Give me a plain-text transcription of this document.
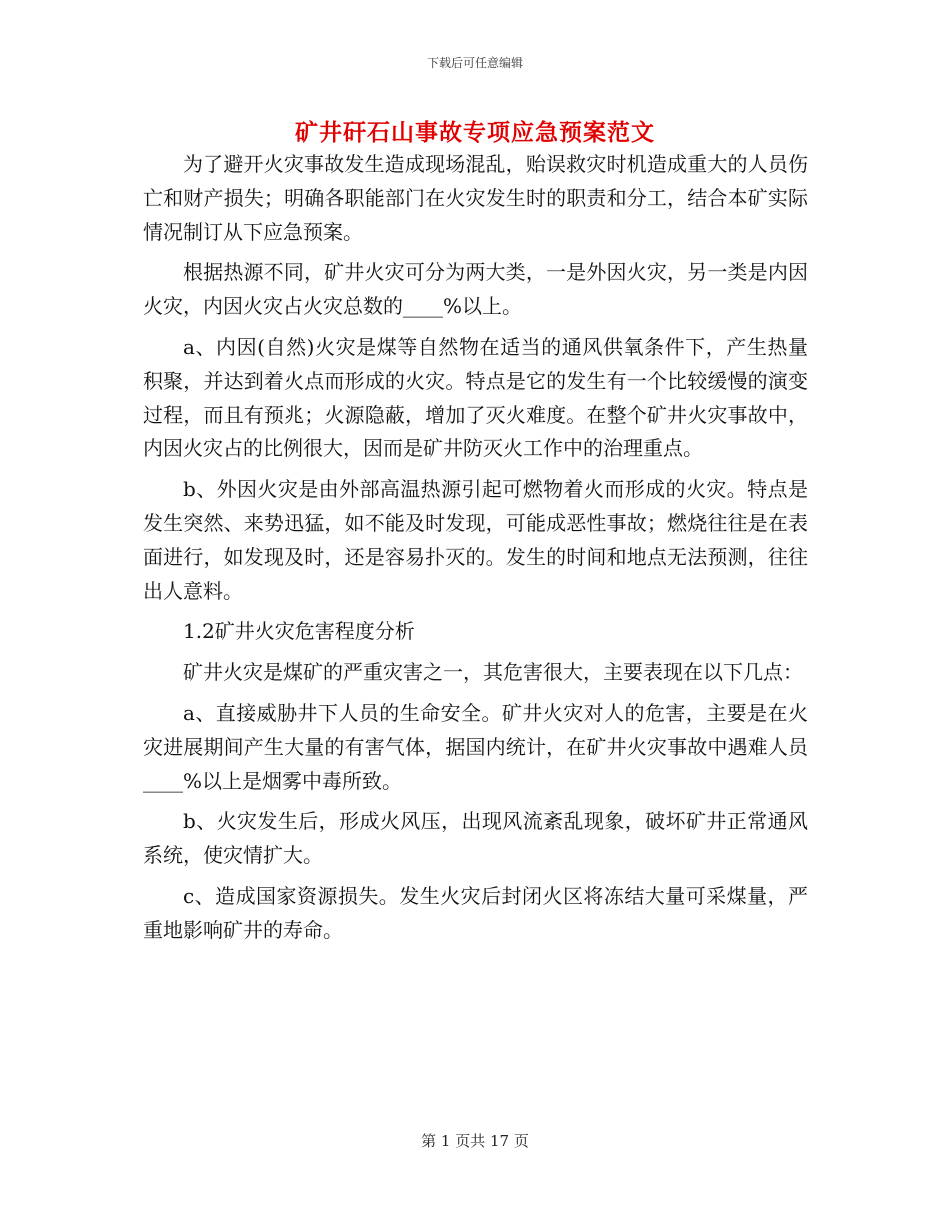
下载后可任意编辑
矿井矸石山事故专项应急预案范文

为了避开火灾事故发生造成现场混乱，贻误救灾时机造成重大的人员伤亡和财产损失；明确各职能部门在火灾发生时的职责和分工，结合本矿实际情况制订从下应急预案。

根据热源不同，矿井火灾可分为两大类，一是外因火灾，另一类是内因火灾，内因火灾占火灾总数的____%以上。

a、内因(自然)火灾是煤等自然物在适当的通风供氧条件下，产生热量积聚，并达到着火点而形成的火灾。特点是它的发生有一个比较缓慢的演变过程，而且有预兆；火源隐蔽，增加了灭火难度。在整个矿井火灾事故中，内因火灾占的比例很大，因而是矿井防灭火工作中的治理重点。

b、外因火灾是由外部高温热源引起可燃物着火而形成的火灾。特点是发生突然、来势迅猛，如不能及时发现，可能成恶性事故；燃烧往往是在表面进行，如发现及时，还是容易扑灭的。发生的时间和地点无法预测，往往出人意料。

1.2矿井火灾危害程度分析

矿井火灾是煤矿的严重灾害之一，其危害很大，主要表现在以下几点：

a、直接威胁井下人员的生命安全。矿井火灾对人的危害，主要是在火灾进展期间产生大量的有害气体，据国内统计，在矿井火灾事故中遇难人员____%以上是烟雾中毒所致。

b、火灾发生后，形成火风压，出现风流紊乱现象，破坏矿井正常通风系统，使灾情扩大。

c、造成国家资源损失。发生火灾后封闭火区将冻结大量可采煤量，严重地影响矿井的寿命。

第 1 页共 17 页
